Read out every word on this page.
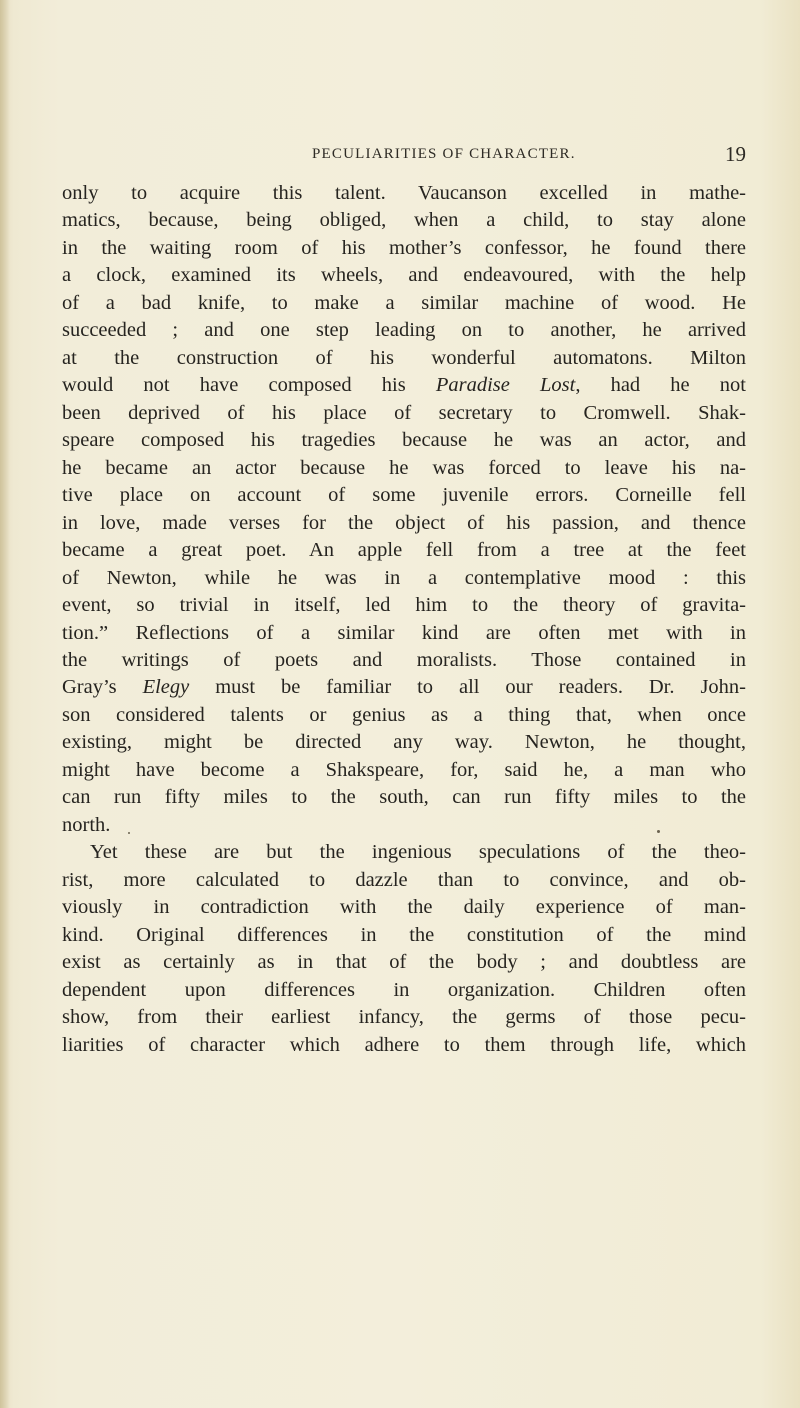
PECULIARITIES OF CHARACTER.	19
only to acquire this talent. Vaucanson excelled in mathe-
matics, because, being obliged, when a child, to stay alone
in the waiting room of his mother’s confessor, he found there
a clock, examined its wheels, and endeavoured, with the help
of a bad knife, to make a similar machine of wood. He
succeeded ; and one step leading on to another, he arrived
at the construction of his wonderful automatons. Milton
would not have composed his Paradise Lost, had he not
been deprived of his place of secretary to Cromwell. Shak-
speare composed his tragedies because he was an actor, and
he became an actor because he was forced to leave his na-
tive place on account of some juvenile errors. Corneille fell
in love, made verses for the object of his passion, and thence
became a great poet. An apple fell from a tree at the feet
of Newton, while he was in a contemplative mood : this
event, so trivial in itself, led him to the theory of gravita-
tion.” Reflections of a similar kind are often met with in
the writings of poets and moralists. Those contained in
Gray’s Elegy must be familiar to all our readers. Dr. John-
son considered talents or genius as a thing that, when once
existing, might be directed any way. Newton, he thought,
might have become a Shakspeare, for, said he, a man who
can run fifty miles to the south, can run fifty miles to the
north.
Yet these are but the ingenious speculations of the theo-
rist, more calculated to dazzle than to convince, and ob-
viously in contradiction with the daily experience of man-
kind. Original differences in the constitution of the mind
exist as certainly as in that of the body ; and doubtless are
dependent upon differences in organization. Children often
show, from their earliest infancy, the germs of those pecu-
liarities of character which adhere to them through life, which
